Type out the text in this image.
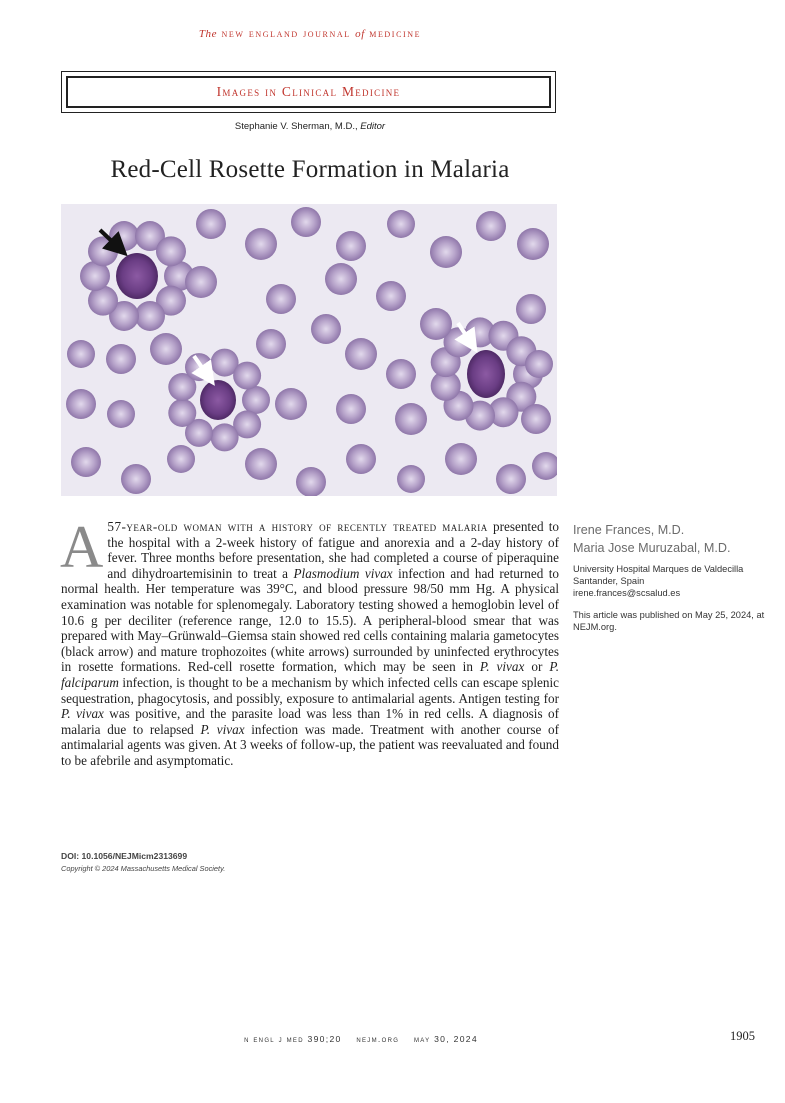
The new england journal of medicine
Images in Clinical Medicine
Stephanie V. Sherman, M.D., Editor
Red-Cell Rosette Formation in Malaria
A 57-year-old woman with a history of recently treated malaria presented to the hospital with a 2-week history of fatigue and anorexia and a 2-day history of fever. Three months before presentation, she had completed a course of piperaquine and dihydroartemisinin to treat a Plasmodium vivax infection and had returned to normal health. Her temperature was 39°C, and blood pressure 98/50 mm Hg. A physical examination was notable for splenomegaly. Laboratory testing showed a hemoglobin level of 10.6 g per deciliter (reference range, 12.0 to 15.5). A peripheral-blood smear that was prepared with May–Grünwald–Giemsa stain showed red cells containing malaria gametocytes (black arrow) and mature trophozoites (white arrows) surrounded by uninfected erythrocytes in rosette formations. Red-cell rosette formation, which may be seen in P. vivax or P. falciparum infection, is thought to be a mechanism by which infected cells can escape splenic sequestration, phagocytosis, and possibly, exposure to antimalarial agents. Antigen testing for P. vivax was positive, and the parasite load was less than 1% in red cells. A diagnosis of malaria due to relapsed P. vivax infection was made. Treatment with another course of antimalarial agents was given. At 3 weeks of follow-up, the patient was reevaluated and found to be afebrile and asymptomatic.
DOI: 10.1056/NEJMicm2313699
Copyright © 2024 Massachusetts Medical Society.
Irene Frances, M.D.
Maria Jose Muruzabal, M.D.
University Hospital Marques de Valdecilla
Santander, Spain
irene.frances@scsalud.es
This article was published on May 25, 2024, at NEJM.org.
n engl j med 390;20 nejm.org may 30, 2024	1905
